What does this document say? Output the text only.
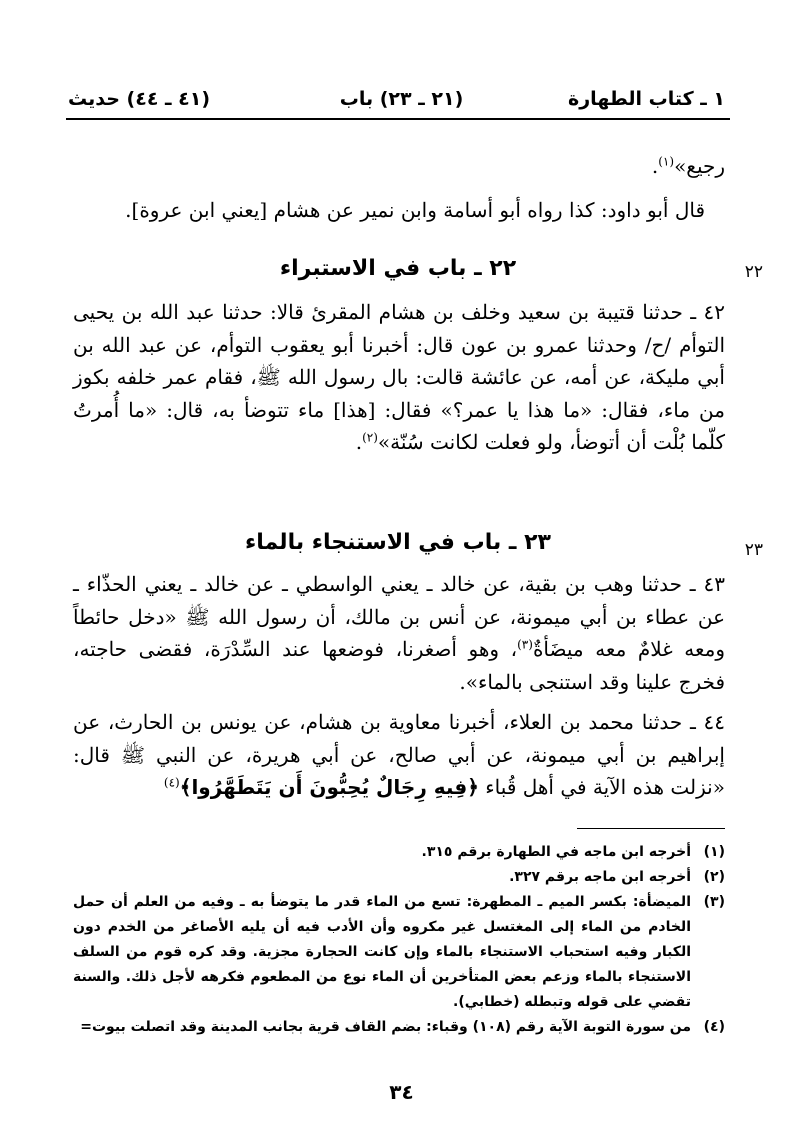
١ ـ كتاب الطهارة
(٢١ ـ ٢٣) باب
(٤١ ـ ٤٤) حديث
رجيع»$^{(١)}$.
قال أبو داود: كذا رواه أبو أسامة وابن نمير عن هشام [يعني ابن عروة].
٢٢
٢٢ ـ باب في الاستبراء
٤٢ ـ حدثنا قتيبة بن سعيد وخلف بن هشام المقرئ قالا: حدثنا عبد الله بن يحيى التوأم /ح/ وحدثنا عمرو بن عون قال: أخبرنا أبو يعقوب التوأم، عن عبد الله بن أبي مليكة، عن أمه، عن عائشة قالت: بال رسول الله ﷺ، فقام عمر خلفه بكوز من ماء، فقال: «ما هذا يا عمر؟» فقال: [هذا] ماء تتوضأ به، قال: «ما أُمرتُ كلّما بُلْت أن أتوضأ، ولو فعلت لكانت سُنّة»$^{(٢)}$.
٢٣
٢٣ ـ باب في الاستنجاء بالماء
٤٣ ـ حدثنا وهب بن بقية، عن خالد ـ يعني الواسطي ـ عن خالد ـ يعني الحذّاء ـ عن عطاء بن أبي ميمونة، عن أنس بن مالك، أن رسول الله ﷺ «دخل حائطاً ومعه غلامٌ معه ميضَأةٌ$^{(٣)}$، وهو أصغرنا، فوضعها عند السِّدْرَة، فقضى حاجته، فخرج علينا وقد استنجى بالماء».
٤٤ ـ حدثنا محمد بن العلاء، أخبرنا معاوية بن هشام، عن يونس بن الحارث، عن إبراهيم بن أبي ميمونة، عن أبي صالح، عن أبي هريرة، عن النبي ﷺ قال: «نزلت هذه الآية في أهل قُباء ﴿فِيهِ رِجَالٌ يُحِبُّونَ أَن يَتَطَهَّرُوا﴾$^{(٤)}$
(١)
أخرجه ابن ماجه في الطهارة برقم ٣١٥.
(٢)
أخرجه ابن ماجه برقم ٣٢٧.
(٣)
الميضأة: بكسر الميم ـ المطهرة: تسع من الماء قدر ما يتوضأ به ـ وفيه من العلم أن حمل الخادم من الماء إلى المغتسل غير مكروه وأن الأدب فيه أن يليه الأصاغر من الخدم دون الكبار وفيه استحباب الاستنجاء بالماء وإن كانت الحجارة مجزية. وقد كره قوم من السلف الاستنجاء بالماء وزعم بعض المتأخرين أن الماء نوع من المطعوم فكرهه لأجل ذلك. والسنة تقضي على قوله وتبطله (خطابي).
(٤)
من سورة التوبة الآية رقم (١٠٨) وقباء: بضم القاف قرية بجانب المدينة وقد اتصلت بيوت=
٣٤
